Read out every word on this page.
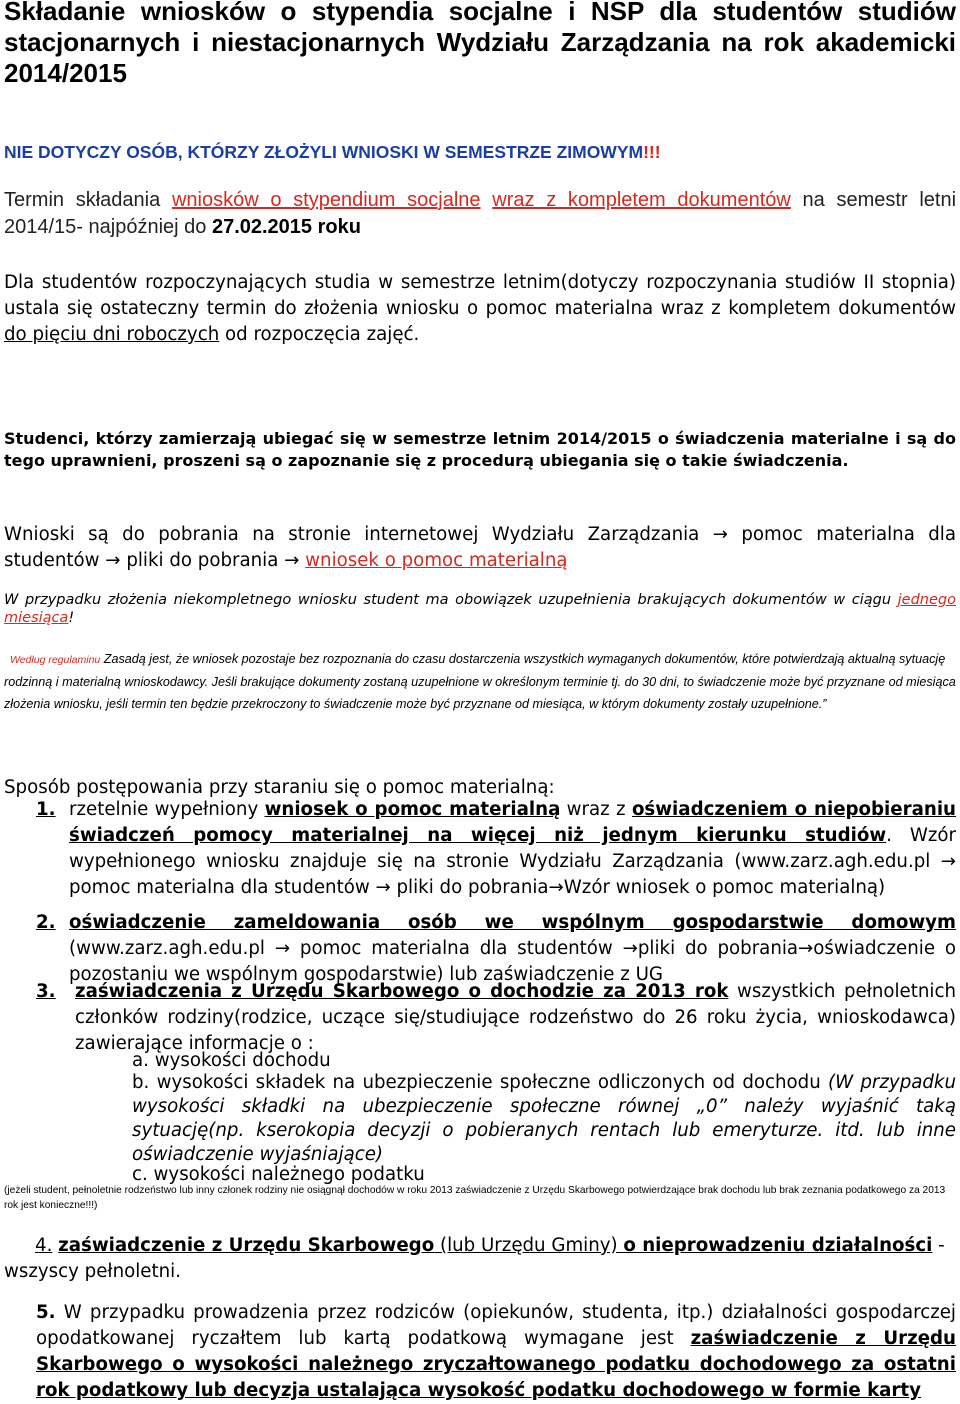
Składanie wniosków o stypendia socjalne i NSP dla studentów studiów stacjonarnych i niestacjonarnych Wydziału Zarządzania na rok akademicki 2014/2015
NIE DOTYCZY OSÓB, KTÓRZY ZŁOŻYLI WNIOSKI W SEMESTRZE ZIMOWYM!!!
Termin składania wniosków o stypendium socjalne wraz z kompletem dokumentów na semestr letni 2014/15- najpóźniej do 27.02.2015 roku
Dla studentów rozpoczynających studia w semestrze letnim(dotyczy rozpoczynania studiów II stopnia) ustala się ostateczny termin do złożenia wniosku o pomoc materialna wraz z kompletem dokumentów do pięciu dni roboczych od rozpoczęcia zajęć.
Studenci, którzy zamierzają ubiegać się w semestrze letnim 2014/2015 o świadczenia materialne i są do tego uprawnieni, proszeni są o zapoznanie się z procedurą ubiegania się o takie świadczenia.
Wnioski są do pobrania na stronie internetowej Wydziału Zarządzania → pomoc materialna dla studentów → pliki do pobrania → wniosek o pomoc materialną
W przypadku złożenia niekompletnego wniosku student ma obowiązek uzupełnienia brakujących dokumentów w ciągu jednego miesiąca!
Według regulaminu Zasadą jest, że wniosek pozostaje bez rozpoznania do czasu dostarczenia wszystkich wymaganych dokumentów, które potwierdzają aktualną sytuację rodzinną i materialną wnioskodawcy. Jeśli brakujące dokumenty zostaną uzupełnione w określonym terminie tj. do 30 dni, to świadczenie może być przyznane od miesiąca złożenia wniosku, jeśli termin ten będzie przekroczony to świadczenie może być przyznane od miesiąca, w którym dokumenty zostały uzupełnione.”
Sposób postępowania przy staraniu się o pomoc materialną:
1. rzetelnie wypełniony wniosek o pomoc materialną wraz z oświadczeniem o niepobieraniu świadczeń pomocy materialnej na więcej niż jednym kierunku studiów. Wzór wypełnionego wniosku znajduje się na stronie Wydziału Zarządzania (www.zarz.agh.edu.pl → pomoc materialna dla studentów → pliki do pobrania→Wzór wniosek o pomoc materialną)
2. oświadczenie zameldowania osób we wspólnym gospodarstwie domowym (www.zarz.agh.edu.pl → pomoc materialna dla studentów →pliki do pobrania→oświadczenie o pozostaniu we wspólnym gospodarstwie) lub zaświadczenie z UG
3. zaświadczenia z Urzędu Skarbowego o dochodzie za 2013 rok wszystkich pełnoletnich członków rodziny(rodzice, uczące się/studiujące rodzeństwo do 26 roku życia, wnioskodawca) zawierające informacje o :
a. wysokości dochodu
b. wysokości składek na ubezpieczenie społeczne odliczonych od dochodu (W przypadku wysokości składki na ubezpieczenie społeczne równej „0” należy wyjaśnić taką sytuację(np. kserokopia decyzji o pobieranych rentach lub emeryturze. itd. lub inne oświadczenie wyjaśniające)
c. wysokości należnego podatku
(jeżeli student, pełnoletnie rodzeństwo lub inny członek rodziny nie osiągnął dochodów w roku 2013 zaświadczenie z Urzędu Skarbowego potwierdzające brak dochodu lub brak zeznania podatkowego za 2013 rok jest konieczne!!!)
4. zaświadczenie z Urzędu Skarbowego (lub Urzędu Gminy) o nieprowadzeniu działalności - wszyscy pełnoletni.
5. W przypadku prowadzenia przez rodziców (opiekunów, studenta, itp.) działalności gospodarczej opodatkowanej ryczałtem lub kartą podatkową wymagane jest zaświadczenie z Urzędu Skarbowego o wysokości należnego zryczałtowanego podatku dochodowego za ostatni rok podatkowy lub decyzja ustalająca wysokość podatku dochodowego w formie karty
